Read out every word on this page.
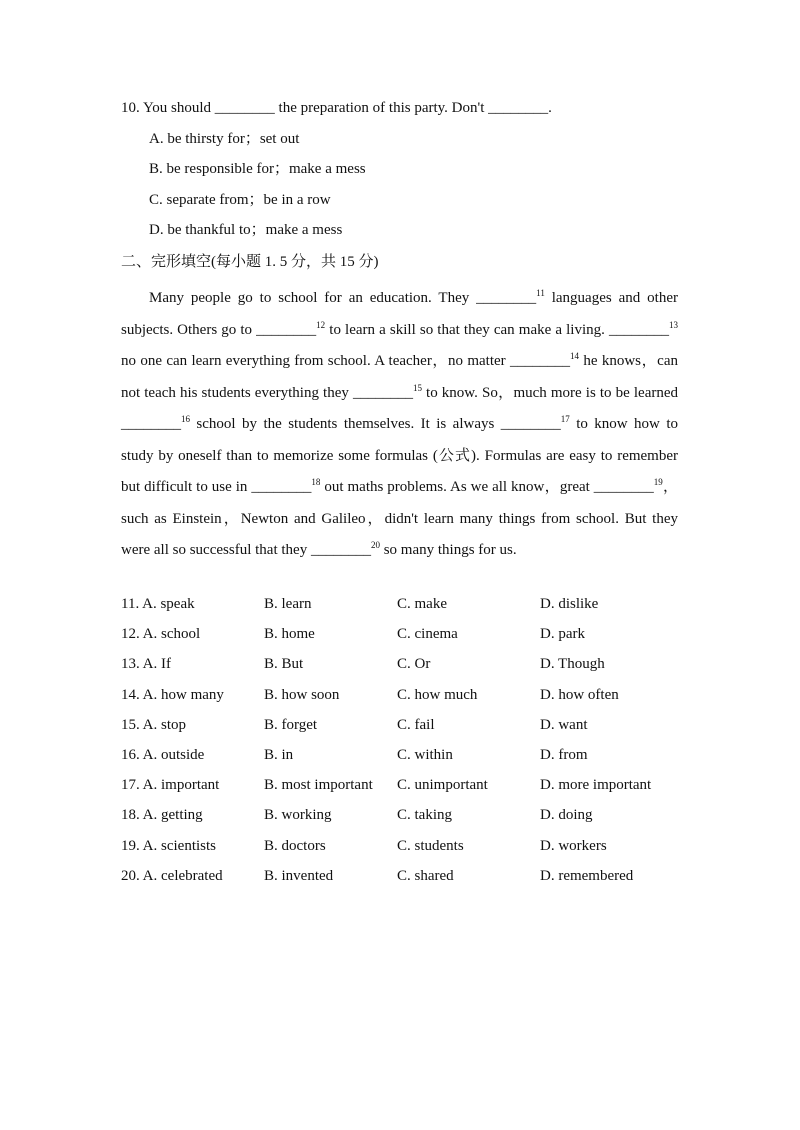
10. You should ________ the preparation of this party. Don't ________.
A. be thirsty for；set out
B. be responsible for；make a mess
C. separate from；be in a row
D. be thankful to；make a mess
二、完形填空(每小题 1. 5 分，共 15 分)

Many people go to school for an education. They ________$^{11}$ languages and other subjects. Others go to ________$^{12}$ to learn a skill so that they can make a living. ________$^{13}$ no one can learn everything from school. A teacher，no matter ________$^{14}$ he knows，can not teach his students everything they ________$^{15}$ to know. So，much more is to be learned ________$^{16}$ school by the students themselves. It is always ________$^{17}$ to know how to study by oneself than to memorize some formulas (公式). Formulas are easy to remember but difficult to use in ________$^{18}$ out maths problems. As we all know，great ________$^{19}$，such as Einstein，Newton and Galileo，didn't learn many things from school. But they were all so successful that they ________$^{20}$ so many things for us.

11. A. speak	B. learn	C. make	D. dislike
12. A. school	B. home	C. cinema	D. park
13. A. If	B. But	C. Or	D. Though
14. A. how many	B. how soon	C. how much	D. how often
15. A. stop	B. forget	C. fail	D. want
16. A. outside	B. in	C. within	D. from
17. A. important	B. most important	C. unimportant	D. more important
18. A. getting	B. working	C. taking	D. doing
19. A. scientists	B. doctors	C. students	D. workers
20. A. celebrated	B. invented	C. shared	D. remembered
